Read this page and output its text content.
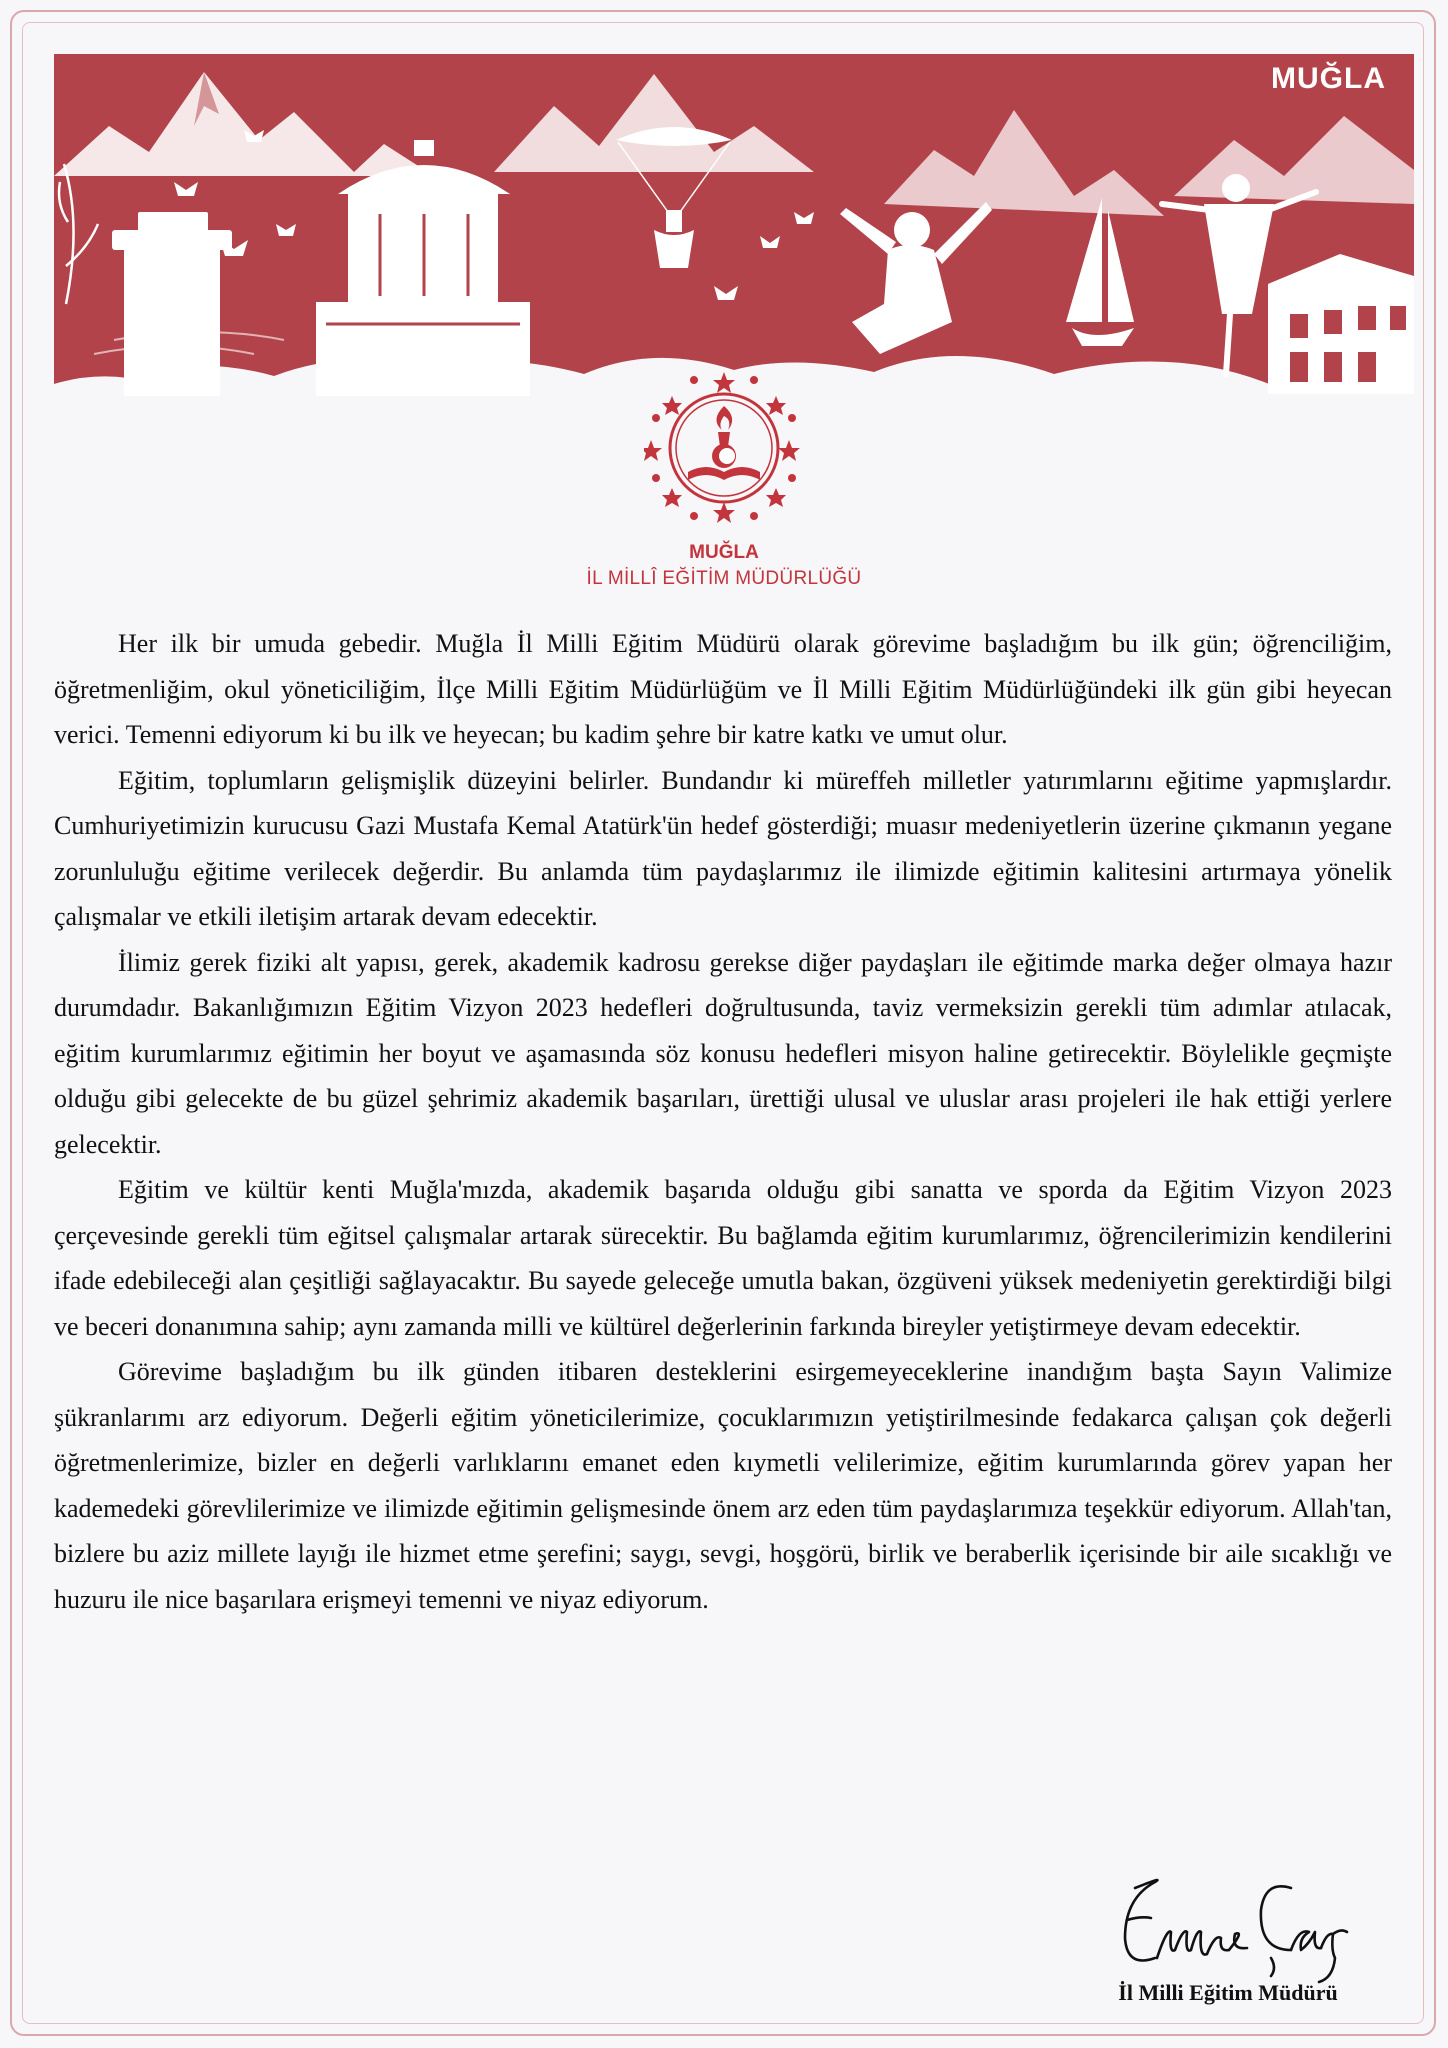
MUĞLA
MUĞLA
İL MİLLÎ EĞİTİM MÜDÜRLÜĞÜ

Her ilk bir umuda gebedir. Muğla İl Milli Eğitim Müdürü olarak görevime başladığım bu ilk gün; öğrenciliğim, öğretmenliğim, okul yöneticiliğim, İlçe Milli Eğitim Müdürlüğüm ve İl Milli Eğitim Müdürlüğündeki ilk gün gibi heyecan verici. Temenni ediyorum ki bu ilk ve heyecan; bu kadim şehre bir katre katkı ve umut olur.

Eğitim, toplumların gelişmişlik düzeyini belirler. Bundandır ki müreffeh milletler yatırımlarını eğitime yapmışlardır. Cumhuriyetimizin kurucusu Gazi Mustafa Kemal Atatürk'ün hedef gösterdiği; muasır medeniyetlerin üzerine çıkmanın yegane zorunluluğu eğitime verilecek değerdir. Bu anlamda tüm paydaşlarımız ile ilimizde eğitimin kalitesini artırmaya yönelik çalışmalar ve etkili iletişim artarak devam edecektir.

İlimiz gerek fiziki alt yapısı, gerek, akademik kadrosu gerekse diğer paydaşları ile eğitimde marka değer olmaya hazır durumdadır. Bakanlığımızın Eğitim Vizyon 2023 hedefleri doğrultusunda, taviz vermeksizin gerekli tüm adımlar atılacak, eğitim kurumlarımız eğitimin her boyut ve aşamasında söz konusu hedefleri misyon haline getirecektir. Böylelikle geçmişte olduğu gibi gelecekte de bu güzel şehrimiz akademik başarıları, ürettiği ulusal ve uluslar arası projeleri ile hak ettiği yerlere gelecektir.

Eğitim ve kültür kenti Muğla'mızda, akademik başarıda olduğu gibi sanatta ve sporda da Eğitim Vizyon 2023 çerçevesinde gerekli tüm eğitsel çalışmalar artarak sürecektir. Bu bağlamda eğitim kurumlarımız, öğrencilerimizin kendilerini ifade edebileceği alan çeşitliği sağlayacaktır. Bu sayede geleceğe umutla bakan, özgüveni yüksek medeniyetin gerektirdiği bilgi ve beceri donanımına sahip; aynı zamanda milli ve kültürel değerlerinin farkında bireyler yetiştirmeye devam edecektir.

Görevime başladığım bu ilk günden itibaren desteklerini esirgemeyeceklerine inandığım başta Sayın Valimize şükranlarımı arz ediyorum. Değerli eğitim yöneticilerimize, çocuklarımızın yetiştirilmesinde fedakarca çalışan çok değerli öğretmenlerimize, bizler en değerli varlıklarını emanet eden kıymetli velilerimize, eğitim kurumlarında görev yapan her kademedeki görevlilerimize ve ilimizde eğitimin gelişmesinde önem arz eden tüm paydaşlarımıza teşekkür ediyorum. Allah'tan, bizlere bu aziz millete layığı ile hizmet etme şerefini; saygı, sevgi, hoşgörü, birlik ve beraberlik içerisinde bir aile sıcaklığı ve huzuru ile nice başarılara erişmeyi temenni ve niyaz ediyorum.

İl Milli Eğitim Müdürü
